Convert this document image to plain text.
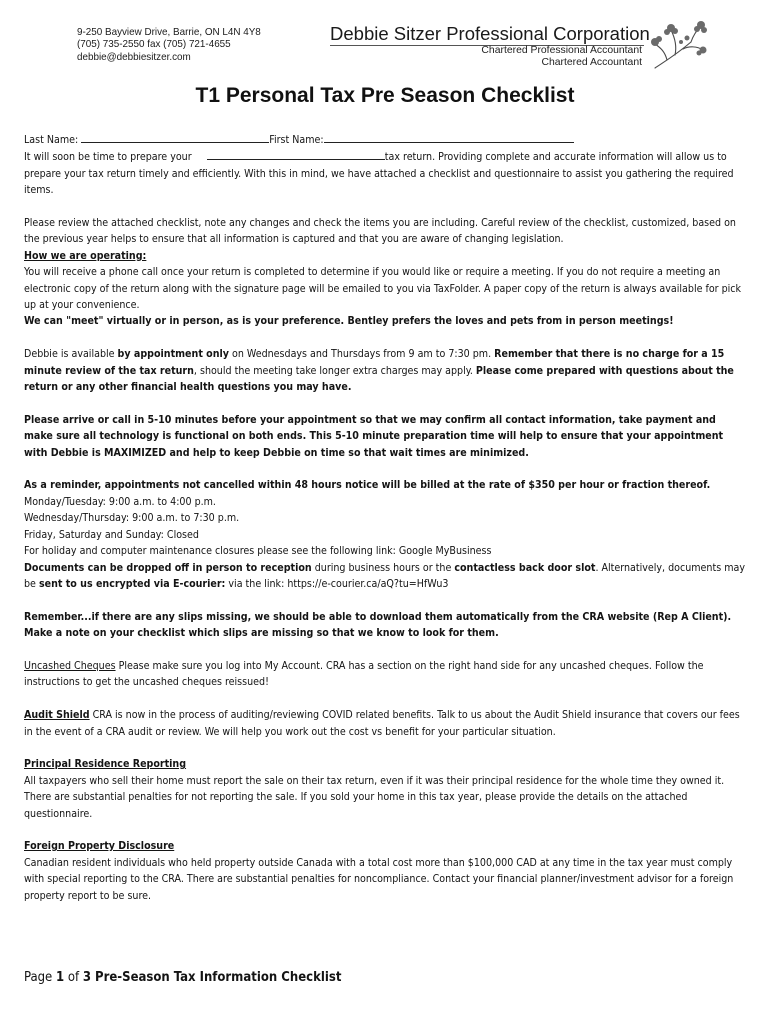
9-250 Bayview Drive, Barrie, ON L4N 4Y8
(705) 735-2550 fax (705) 721-4655
debbie@debbiesitzer.com
Debbie Sitzer Professional Corporation
Chartered Professional Accountant
Chartered Accountant
T1 Personal Tax Pre Season Checklist

Last Name:	First Name:

It will soon be time to prepare your	tax return. Providing complete and accurate information will allow us to prepare your tax return timely and efficiently. With this in mind, we have attached a checklist and questionnaire to assist you gathering the required items.

Please review the attached checklist, note any changes and check the items you are including. Careful review of the checklist, customized, based on the previous year helps to ensure that all information is captured and that you are aware of changing legislation.

How we are operating:

You will receive a phone call once your return is completed to determine if you would like or require a meeting. If you do not require a meeting an electronic copy of the return along with the signature page will be emailed to you via TaxFolder. A paper copy of the return is always available for pick up at your convenience.

We can "meet" virtually or in person, as is your preference. Bentley prefers the loves and pets from in person meetings!

Debbie is available by appointment only on Wednesdays and Thursdays from 9 am to 7:30 pm. Remember that there is no charge for a 15 minute review of the tax return, should the meeting take longer extra charges may apply. Please come prepared with questions about the return or any other financial health questions you may have.

Please arrive or call in 5-10 minutes before your appointment so that we may confirm all contact information, take payment and make sure all technology is functional on both ends. This 5-10 minute preparation time will help to ensure that your appointment with Debbie is MAXIMIZED and help to keep Debbie on time so that wait times are minimized.

As a reminder, appointments not cancelled within 48 hours notice will be billed at the rate of $350 per hour or fraction thereof.

Monday/Tuesday: 9:00 a.m. to 4:00 p.m.

Wednesday/Thursday: 9:00 a.m. to 7:30 p.m.

Friday, Saturday and Sunday: Closed

For holiday and computer maintenance closures please see the following link: Google MyBusiness

Documents can be dropped off in person to reception during business hours or the contactless back door slot. Alternatively, documents may be sent to us encrypted via E-courier: via the link: https://e-courier.ca/aQ?tu=HfWu3

Remember...if there are any slips missing, we should be able to download them automatically from the CRA website (Rep A Client). Make a note on your checklist which slips are missing so that we know to look for them.

Uncashed Cheques Please make sure you log into My Account. CRA has a section on the right hand side for any uncashed cheques. Follow the instructions to get the uncashed cheques reissued!

Audit Shield CRA is now in the process of auditing/reviewing COVID related benefits. Talk to us about the Audit Shield insurance that covers our fees in the event of a CRA audit or review. We will help you work out the cost vs benefit for your particular situation.

Principal Residence Reporting

All taxpayers who sell their home must report the sale on their tax return, even if it was their principal residence for the whole time they owned it. There are substantial penalties for not reporting the sale. If you sold your home in this tax year, please provide the details on the attached questionnaire.

Foreign Property Disclosure

Canadian resident individuals who held property outside Canada with a total cost more than $100,000 CAD at any time in the tax year must comply with special reporting to the CRA. There are substantial penalties for noncompliance. Contact your financial planner/investment advisor for a foreign property report to be sure.

Page 1 of 3 Pre-Season Tax Information Checklist
